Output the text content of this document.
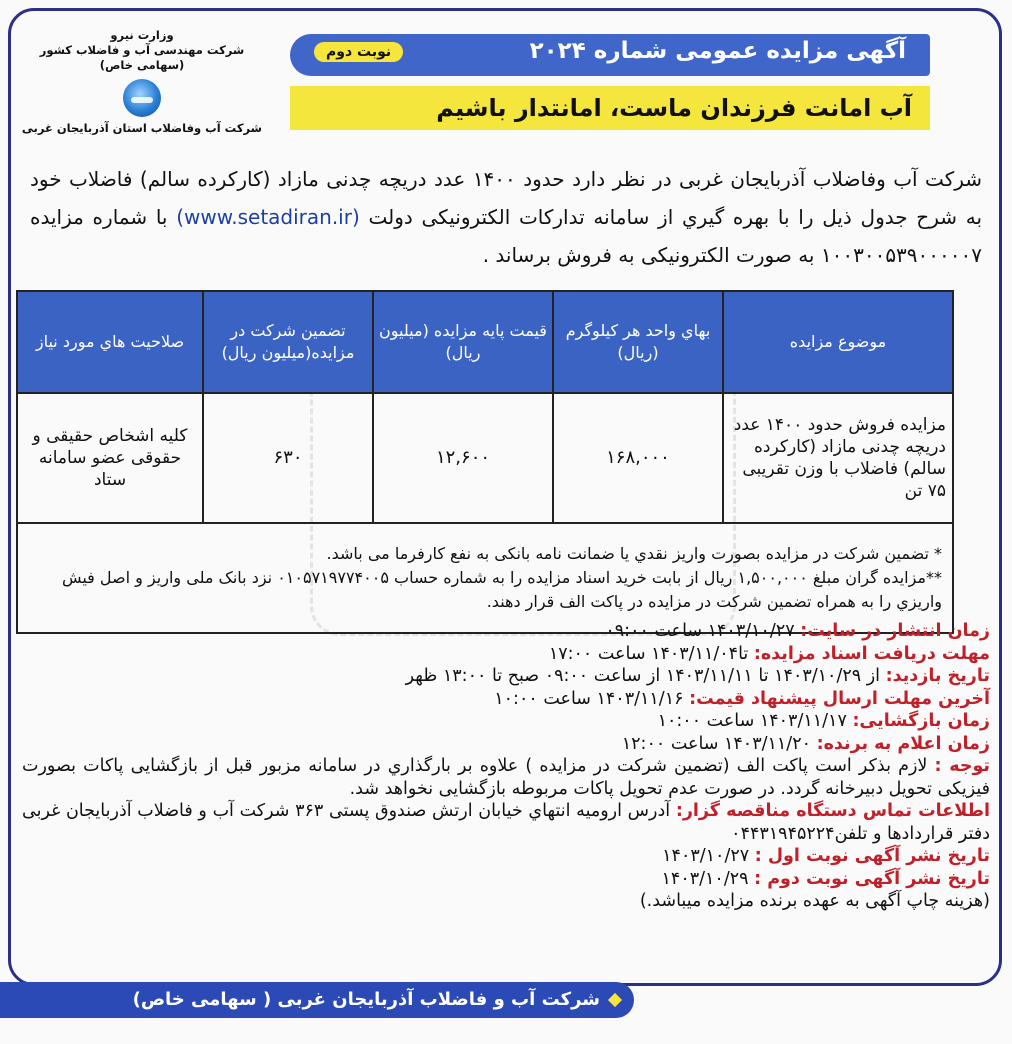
وزارت نیرو
شرکت مهندسی آب و فاضلاب کشور
(سهامی خاص)
شرکت آب وفاضلاب استان آذربایجان غربی
آگهی مزایده عمومی شماره ۲۰۲۴
نوبت دوم
آب امانت فرزندان ماست، امانتدار باشیم
شرکت آب وفاضلاب آذربایجان غربی در نظر دارد حدود ۱۴۰۰ عدد دریچه چدنی مازاد (کارکرده سالم) فاضلاب خود به شرح جدول ذیل را با بهره گیري از سامانه تدارکات الکترونیکی دولت (www.setadiran.ir) با شماره مزایده ۱۰۰۳۰۰۵۳۹۰۰۰۰۰۷ به صورت الکترونیکی به فروش برساند .
موضوع مزایده	بهاي واحد هر کیلوگرم (ریال)	قیمت پایه مزایده (میلیون ریال)	تضمین شرکت در مزایده(میلیون ریال)	صلاحیت هاي مورد نیاز
مزایده فروش حدود ۱۴۰۰ عدد دریچه چدنی مازاد (کارکرده سالم) فاضلاب با وزن تقریبی ۷۵ تن	۱۶۸,۰۰۰	۱۲,۶۰۰	۶۳۰	کلیه اشخاص حقیقی و حقوقی عضو سامانه ستاد

* تضمین شرکت در مزایده بصورت واریز نقدي یا ضمانت نامه بانکی به نفع کارفرما می باشد.
**مزایده گران مبلغ ۱,۵۰۰,۰۰۰ ریال از بابت خرید اسناد مزایده را به شماره حساب ۰۱۰۵۷۱۹۷۷۴۰۰۵ نزد بانک ملی واریز و اصل فیش واریزي را به همراه تضمین شرکت در مزایده در پاکت الف قرار دهند.				
زمان انتشار در سایت: ۱۴۰۳/۱۰/۲۷ ساعت ۰۹:۰۰
مهلت دریافت اسناد مزایده: تا۱۴۰۳/۱۱/۰۴ ساعت ۱۷:۰۰
تاریخ بازدید: از ۱۴۰۳/۱۰/۲۹ تا ۱۴۰۳/۱۱/۱۱ از ساعت ۰۹:۰۰ صبح تا ۱۳:۰۰ ظهر
آخرین مهلت ارسال پیشنهاد قیمت: ۱۴۰۳/۱۱/۱۶ ساعت ۱۰:۰۰
زمان بازگشایی: ۱۴۰۳/۱۱/۱۷ ساعت ۱۰:۰۰
زمان اعلام به برنده: ۱۴۰۳/۱۱/۲۰ ساعت ۱۲:۰۰
توجه : لازم بذکر است پاکت الف (تضمین شرکت در مزایده ) علاوه بر بارگذاري در سامانه مزبور قبل از بازگشایی پاکات بصورت فیزیکی تحویل دبیرخانه گردد. در صورت عدم تحویل پاکات مربوطه بازگشایی نخواهد شد.
اطلاعات تماس دستگاه مناقصه گزار: آدرس ارومیه انتهاي خیابان ارتش صندوق پستی ۳۶۳ شرکت آب و فاضلاب آذربایجان غربی دفتر قراردادها و تلفن۰۴۴۳۱۹۴۵۲۲۴
تاریخ نشر آگهی نوبت اول : ۱۴۰۳/۱۰/۲۷
تاریخ نشر آگهی نوبت دوم : ۱۴۰۳/۱۰/۲۹
(هزینه چاپ آگهی به عهده برنده مزایده میباشد.)
شرکت آب و فاضلاب آذربایجان غربی ( سهامی خاص)
